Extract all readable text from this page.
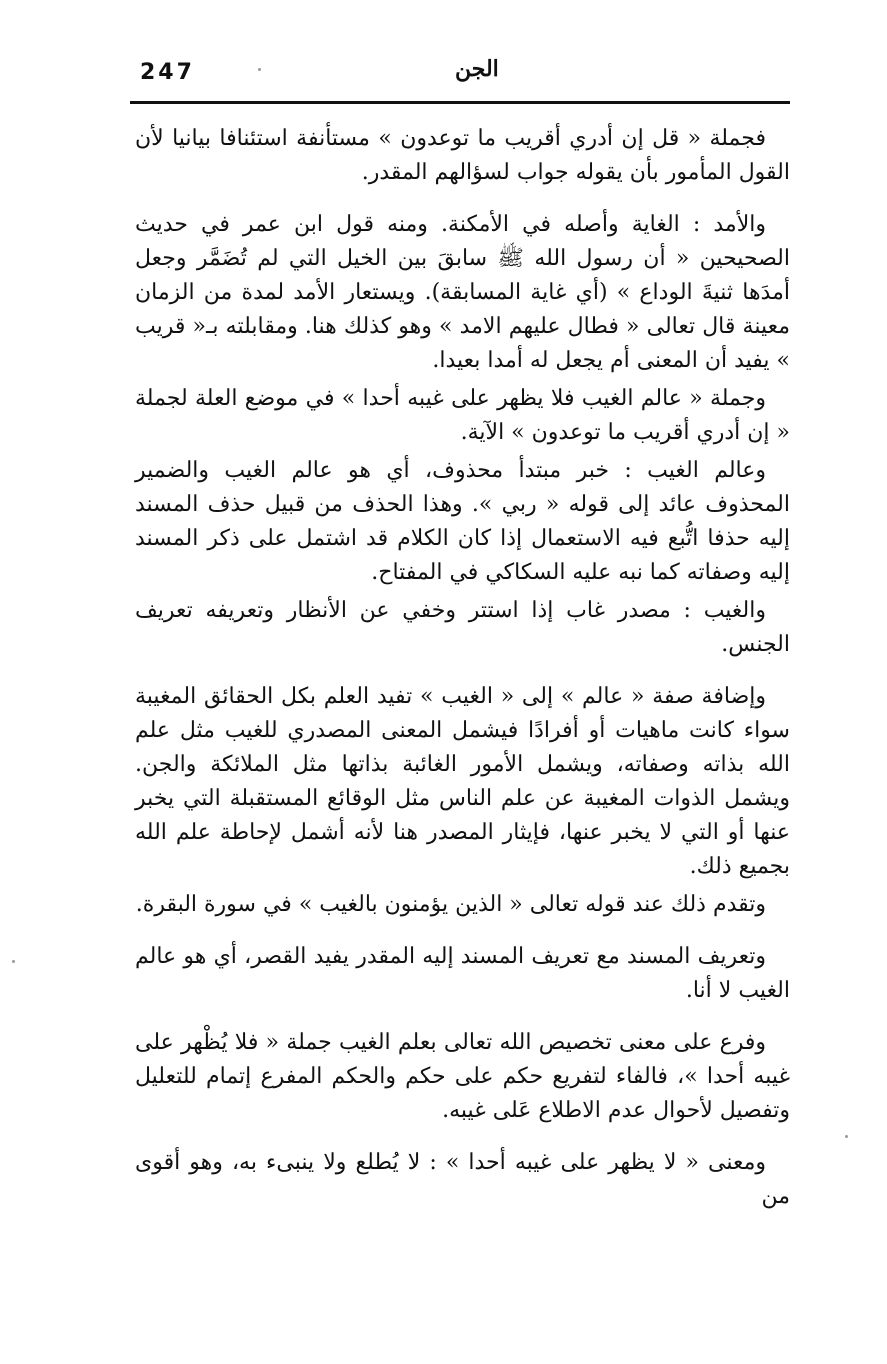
247	الجن

فجملة « قل إن أدري أقريب ما توعدون » مستأنفة استئنافا بيانيا لأن القول المأمور بأن يقوله جواب لسؤالهم المقدر.

والأمد : الغاية وأصله في الأمكنة. ومنه قول ابن عمر في حديث الصحيحين « أن رسول الله ﷺ سابقَ بين الخيل التي لم تُضَمَّر وجعل أمدَها ثنيةَ الوداع » (أي غاية المسابقة). ويستعار الأمد لمدة من الزمان معينة قال تعالى « فطال عليهم الامد » وهو كذلك هنا. ومقابلته بـ« قريب » يفيد أن المعنى أم يجعل له أمدا بعيدا.

وجملة « عالم الغيب فلا يظهر على غيبه أحدا » في موضع العلة لجملة « إن أدري أقريب ما توعدون » الآية.

وعالم الغيب : خبر مبتدأ محذوف، أي هو عالم الغيب والضمير المحذوف عائد إلى قوله « ربي ». وهذا الحذف من قبيل حذف المسند إليه حذفا اتُّبع فيه الاستعمال إذا كان الكلام قد اشتمل على ذكر المسند إليه وصفاته كما نبه عليه السكاكي في المفتاح.

والغيب : مصدر غاب إذا استتر وخفي عن الأنظار وتعريفه تعريف الجنس.

وإضافة صفة « عالم » إلى « الغيب » تفيد العلم بكل الحقائق المغيبة سواء كانت ماهيات أو أفرادًا فيشمل المعنى المصدري للغيب مثل علم الله بذاته وصفاته، ويشمل الأمور الغائبة بذاتها مثل الملائكة والجن. ويشمل الذوات المغيبة عن علم الناس مثل الوقائع المستقبلة التي يخبر عنها أو التي لا يخبر عنها، فإيثار المصدر هنا لأنه أشمل لإحاطة علم الله بجميع ذلك.

وتقدم ذلك عند قوله تعالى « الذين يؤمنون بالغيب » في سورة البقرة.

وتعريف المسند مع تعريف المسند إليه المقدر يفيد القصر، أي هو عالم الغيب لا أنا.

وفرع على معنى تخصيص الله تعالى بعلم الغيب جملة « فلا يُظْهر على غيبه أحدا »، فالفاء لتفريع حكم على حكم والحكم المفرع إتمام للتعليل وتفصيل لأحوال عدم الاطلاع عَلى غيبه.

ومعنى « لا يظهر على غيبه أحدا » : لا يُطلع ولا ينبىء به، وهو أقوى من
